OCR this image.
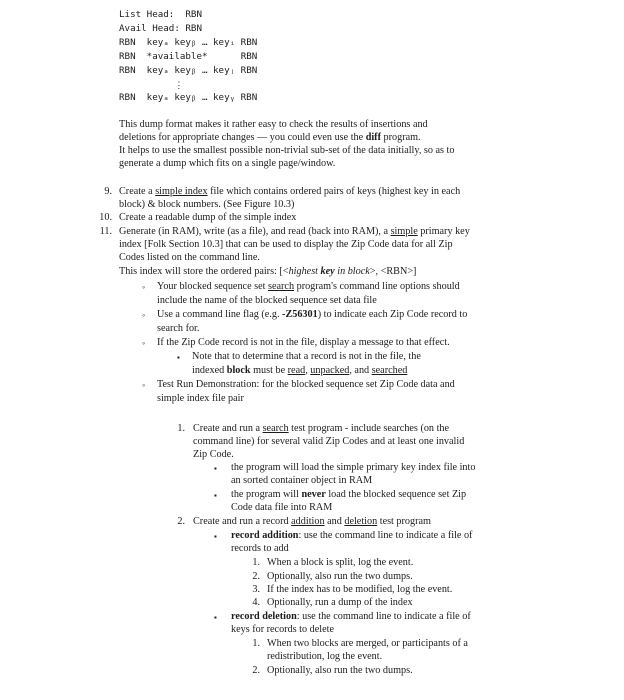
List Head:  RBN
Avail Head: RBN
RBN  keyₐ keyᵦ … keyᵢ RBN
RBN  *available*      RBN
RBN  keyₐ keyᵦ … keyⱼ RBN
⋮
RBN  keyₐ keyᵦ … keyᵧ RBN
This dump format makes it rather easy to check the results of insertions and
deletions for appropriate changes — you could even use the diff program.
It helps to use the smallest possible non-trivial sub-set of the data initially, so as to
generate a dump which fits on a single page/window.
9. Create a simple index file which contains ordered pairs of keys (highest key in each
block) & block numbers. (See Figure 10.3)
10. Create a readable dump of the simple index
11. Generate (in RAM), write (as a file), and read (back into RAM), a simple primary key
index [Folk Section 10.3] that can be used to display the Zip Code data for all Zip
Codes listed on the command line.
This index will store the ordered pairs: [<highest key in block>, <RBN>]
◦ Your blocked sequence set search program's command line options should
include the name of the blocked sequence set data file
◦ Use a command line flag (e.g. -Z56301) to indicate each Zip Code record to
search for.
◦ If the Zip Code record is not in the file, display a message to that effect.
▪ Note that to determine that a record is not in the file, the
indexed block must be read, unpacked, and searched
◦ Test Run Demonstration: for the blocked sequence set Zip Code data and
simple index file pair
1. Create and run a search test program - include searches (on the
command line) for several valid Zip Codes and at least one invalid
Zip Code.
▪ the program will load the simple primary key index file into
an sorted container object in RAM
▪ the program will never load the blocked sequence set Zip
Code data file into RAM
2. Create and run a record addition and deletion test program
▪ record addition: use the command line to indicate a file of
records to add
1. When a block is split, log the event.
2. Optionally, also run the two dumps.
3. If the index has to be modified, log the event.
4. Optionally, run a dump of the index
▪ record deletion: use the command line to indicate a file of
keys for records to delete
1. When two blocks are merged, or participants of a
redistribution, log the event.
2. Optionally, also run the two dumps.
